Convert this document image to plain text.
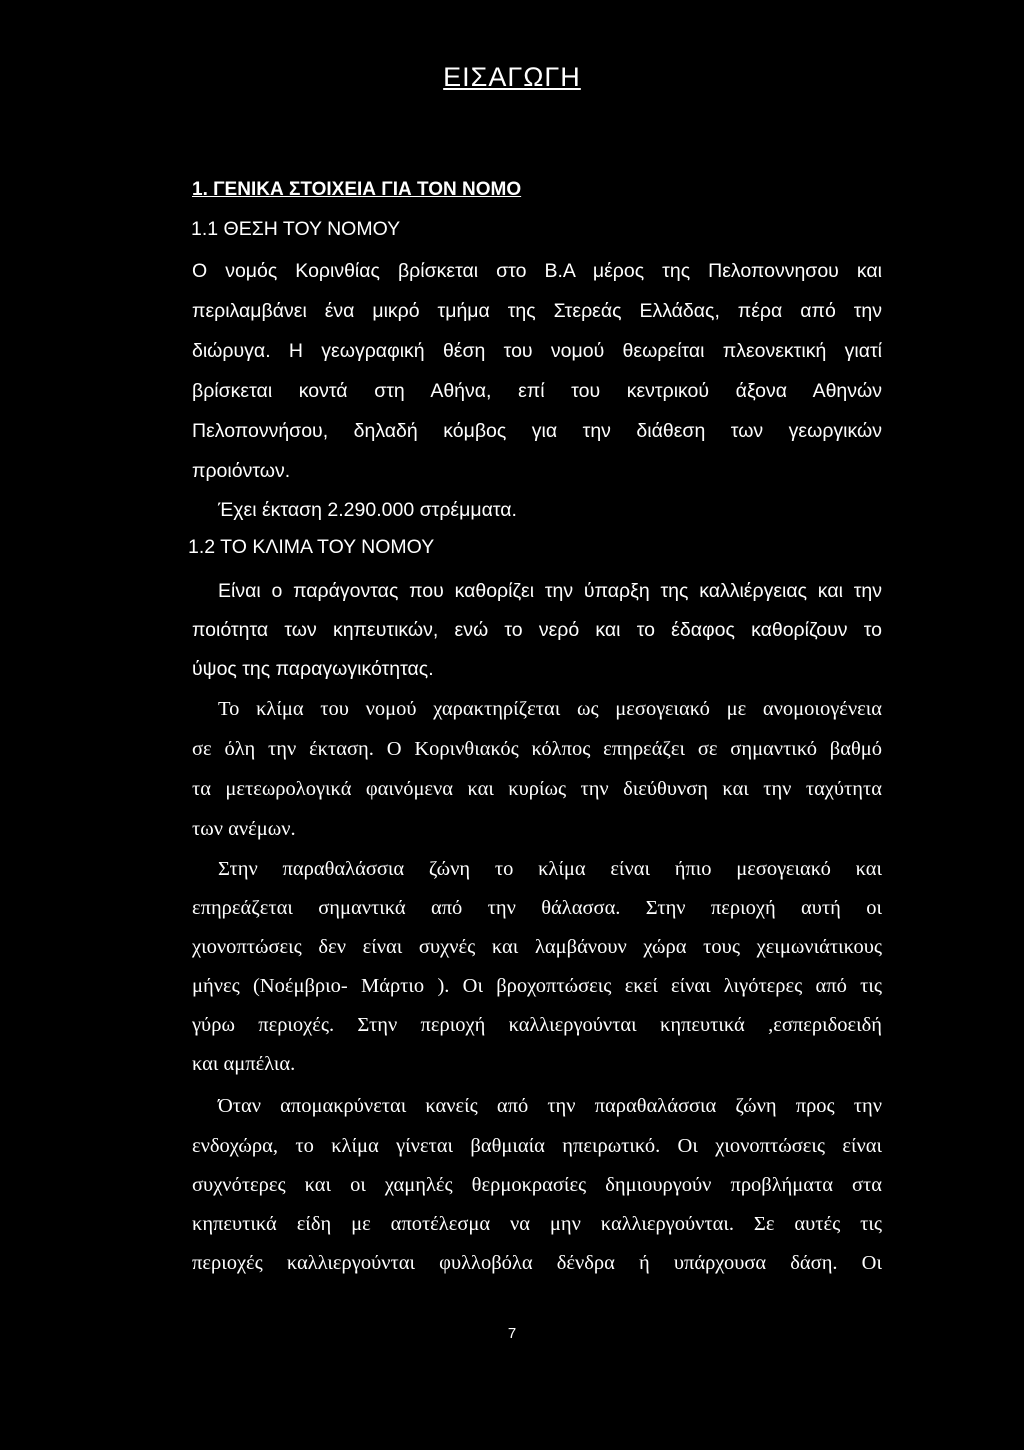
ΕΙΣΑΓΩΓΗ
1. ΓΕΝΙΚΑ ΣΤΟΙΧΕΙΑ ΓΙΑ ΤΟΝ ΝΟΜΟ
1.1 ΘΕΣΗ ΤΟΥ ΝΟΜΟΥ
Ο νομός Κορινθίας βρίσκεται στο Β.Α μέρος της Πελοποννησου και
περιλαμβάνει ένα μικρό τμήμα της Στερεάς Ελλάδας, πέρα από την
διώρυγα. Η γεωγραφική θέση του νομού θεωρείται πλεονεκτική γιατί
βρίσκεται κοντά στη Αθήνα, επί του κεντρικού άξονα Αθηνών
Πελοποννήσου, δηλαδή κόμβος για την διάθεση των γεωργικών
προιόντων.
Έχει έκταση 2.290.000 στρέμματα.
1.2 ΤΟ ΚΛΙΜΑ ΤΟΥ ΝΟΜΟΥ
Είναι ο παράγοντας που καθορίζει την ύπαρξη της καλλιέργειας και την
ποιότητα των κηπευτικών, ενώ το νερό και το έδαφος καθορίζουν το
ύψος της παραγωγικότητας.
Το κλίμα του νομού χαρακτηρίζεται ως μεσογειακό με ανομοιογένεια
σε όλη την έκταση. Ο Κορινθιακός κόλπος επηρεάζει σε σημαντικό βαθμό
τα μετεωρολογικά φαινόμενα και κυρίως την διεύθυνση και την ταχύτητα
των ανέμων.
Στην παραθαλάσσια ζώνη το κλίμα είναι ήπιο μεσογειακό και
επηρεάζεται σημαντικά από την θάλασσα. Στην περιοχή αυτή οι
χιονοπτώσεις δεν είναι συχνές και λαμβάνουν χώρα τους χειμωνιάτικους
μήνες (Νοέμβριο- Μάρτιο ). Οι βροχοπτώσεις εκεί είναι λιγότερες από τις
γύρω περιοχές. Στην περιοχή καλλιεργούνται κηπευτικά ,εσπεριδοειδή
και αμπέλια.
Όταν απομακρύνεται κανείς από την παραθαλάσσια ζώνη προς την
ενδοχώρα, το κλίμα γίνεται βαθμιαία ηπειρωτικό. Οι χιονοπτώσεις είναι
συχνότερες και οι χαμηλές θερμοκρασίες δημιουργούν προβλήματα στα
κηπευτικά είδη με αποτέλεσμα να μην καλλιεργούνται. Σε αυτές τις
περιοχές καλλιεργούνται φυλλοβόλα δένδρα ή υπάρχουσα δάση. Οι
7
